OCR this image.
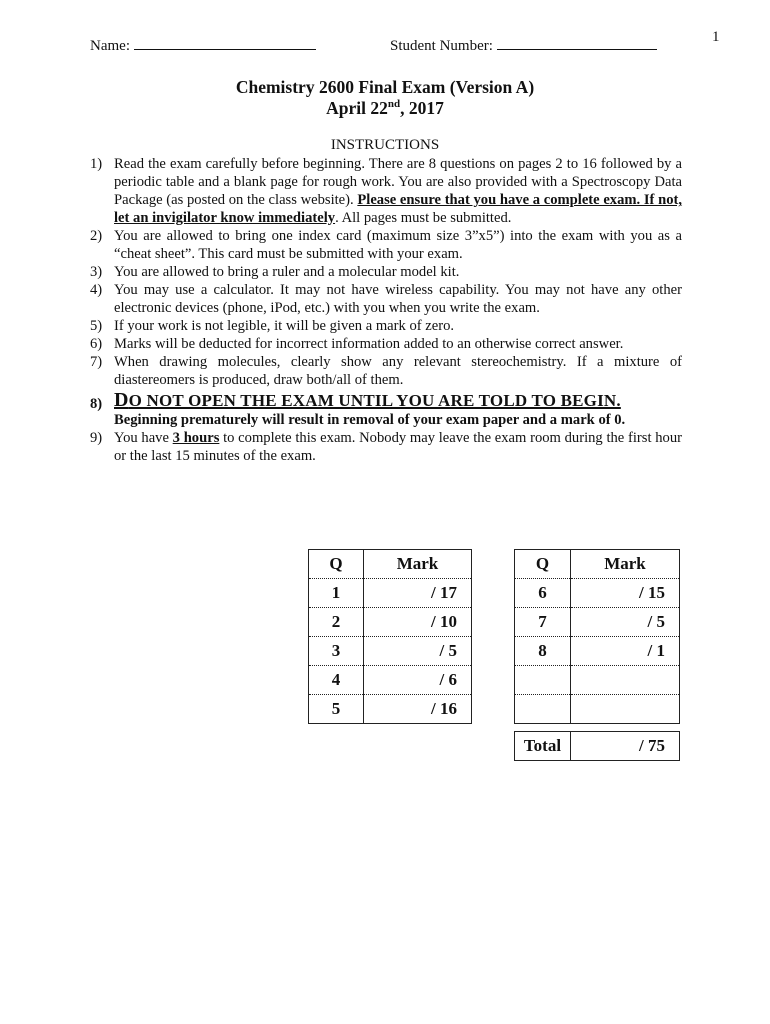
1
Name:	Student Number:
Chemistry 2600 Final Exam (Version A)
April 22nd, 2017
INSTRUCTIONS
1) Read the exam carefully before beginning. There are 8 questions on pages 2 to 16 followed by a periodic table and a blank page for rough work. You are also provided with a Spectroscopy Data Package (as posted on the class website). Please ensure that you have a complete exam. If not, let an invigilator know immediately. All pages must be submitted.
2) You are allowed to bring one index card (maximum size 3”x5”) into the exam with you as a “cheat sheet”. This card must be submitted with your exam.
3) You are allowed to bring a ruler and a molecular model kit.
4) You may use a calculator. It may not have wireless capability. You may not have any other electronic devices (phone, iPod, etc.) with you when you write the exam.
5) If your work is not legible, it will be given a mark of zero.
6) Marks will be deducted for incorrect information added to an otherwise correct answer.
7) When drawing molecules, clearly show any relevant stereochemistry. If a mixture of diastereomers is produced, draw both/all of them.
8) DO NOT OPEN THE EXAM UNTIL YOU ARE TOLD TO BEGIN.
Beginning prematurely will result in removal of your exam paper and a mark of 0.
9) You have 3 hours to complete this exam. Nobody may leave the exam room during the first hour or the last 15 minutes of the exam.
Q	Mark
1	/ 17
2	/ 10
3	/ 5
4	/ 6
5	/ 16
Q	Mark
6	/ 15
7	/ 5
8	/ 1

Total	/ 75
